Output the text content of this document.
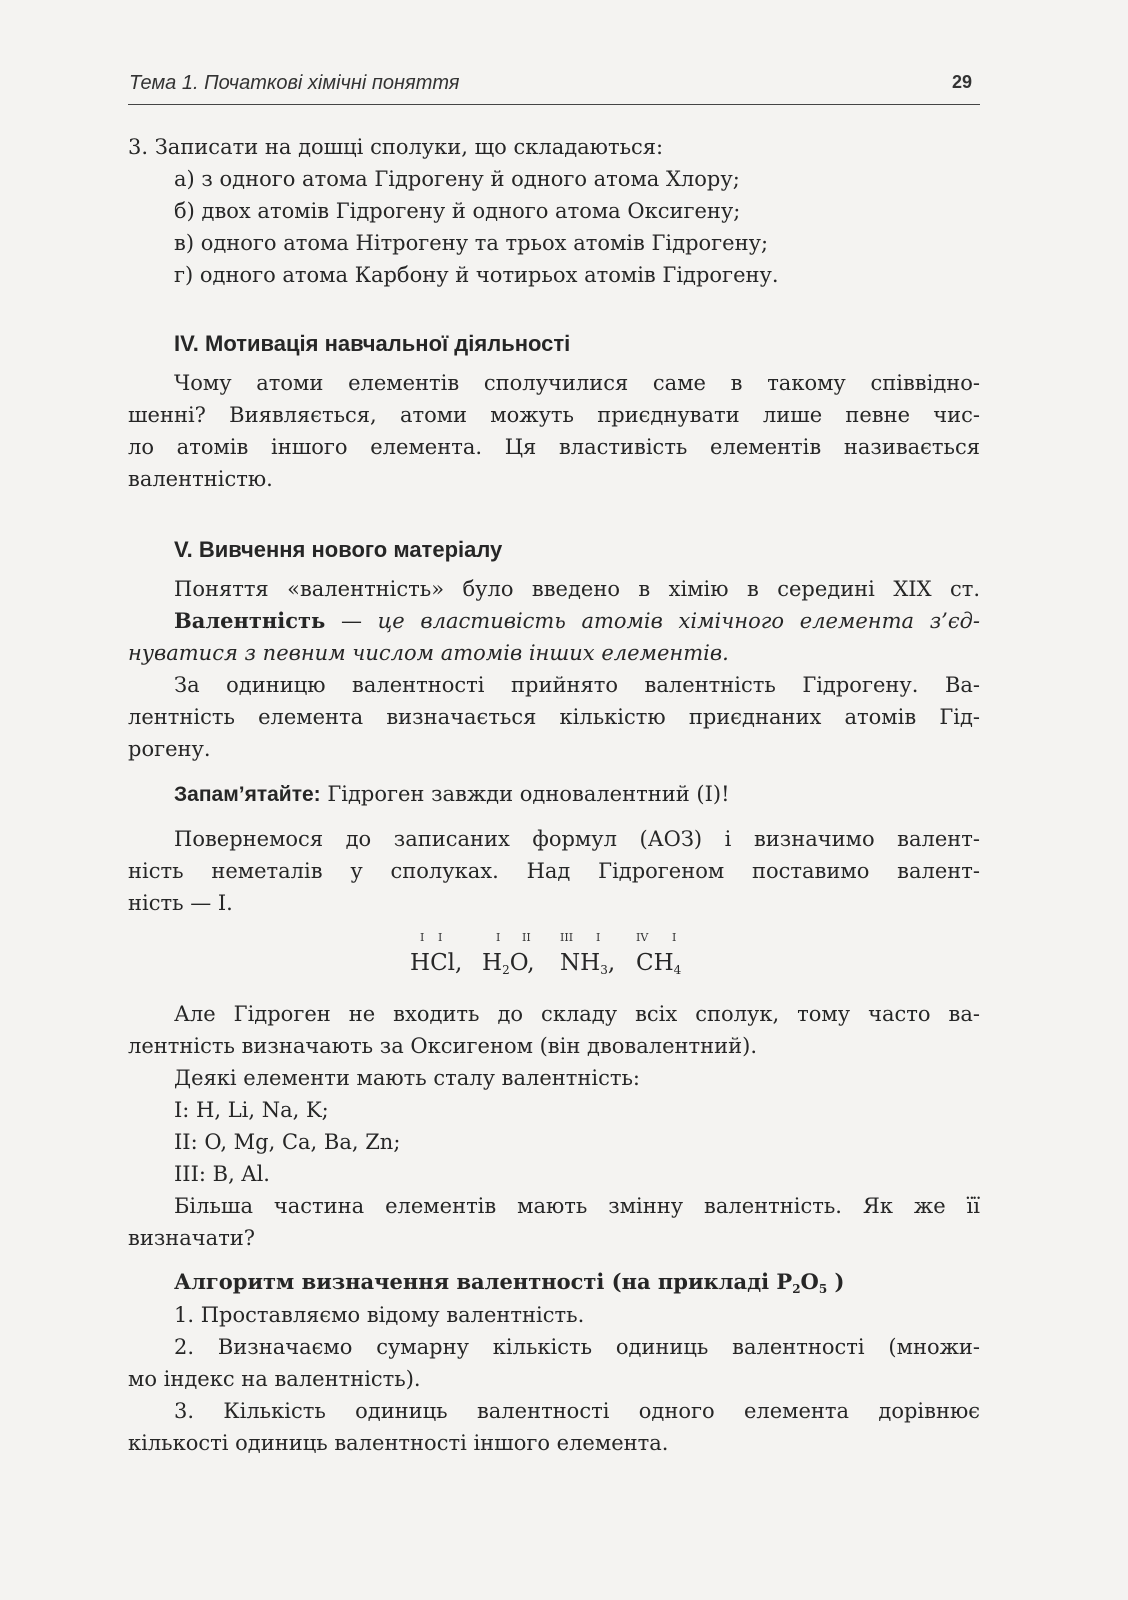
Тема 1. Початкові хімічні поняття	29
3. Записати на дошці сполуки, що складаються:
а) з одного атома Гідрогену й одного атома Хлору;
б) двох атомів Гідрогену й одного атома Оксигену;
в) одного атома Нітрогену та трьох атомів Гідрогену;
г) одного атома Карбону й чотирьох атомів Гідрогену.
IV. Мотивація навчальної діяльності
Чому атоми елементів сполучилися саме в такому співвідно-
шенні? Виявляється, атоми можуть приєднувати лише певне чис-
ло атомів іншого елемента. Ця властивість елементів називається
валентністю.
V. Вивчення нового матеріалу
Поняття «валентність» було введено в хімію в середині XIX ст.
Валентність — це властивість атомів хімічного елемента з’єд-
нуватися з певним числом атомів інших елементів.
За одиницю валентності прийнято валентність Гідрогену. Ва-
лентність елемента визначається кількістю приєднаних атомів Гід-
рогену.
Запам’ятайте: Гідроген завжди одновалентний (I)!
Повернемося до записаних формул (АОЗ) і визначимо валент-
ність неметалів у сполуках. Над Гідрогеном поставимо валент-
ність — I.
I I
HCl,
I II
$H_2O$,
III I
$NH_3$,
IV I
$CH_4$
Але Гідроген не входить до складу всіх сполук, тому часто ва-
лентність визначають за Оксигеном (він двовалентний).
Деякі елементи мають сталу валентність:
I: H, Li, Na, K;
II: O, Mg, Ca, Ba, Zn;
III: B, Al.
Більша частина елементів мають змінну валентність. Як же її
визначати?
Алгоритм визначення валентності (на прикладі $P_2O_5$ )
1. Проставляємо відому валентність.
2. Визначаємо сумарну кількість одиниць валентності (множи-
мо індекс на валентність).
3. Кількість одиниць валентності одного елемента дорівнює
кількості одиниць валентності іншого елемента.
